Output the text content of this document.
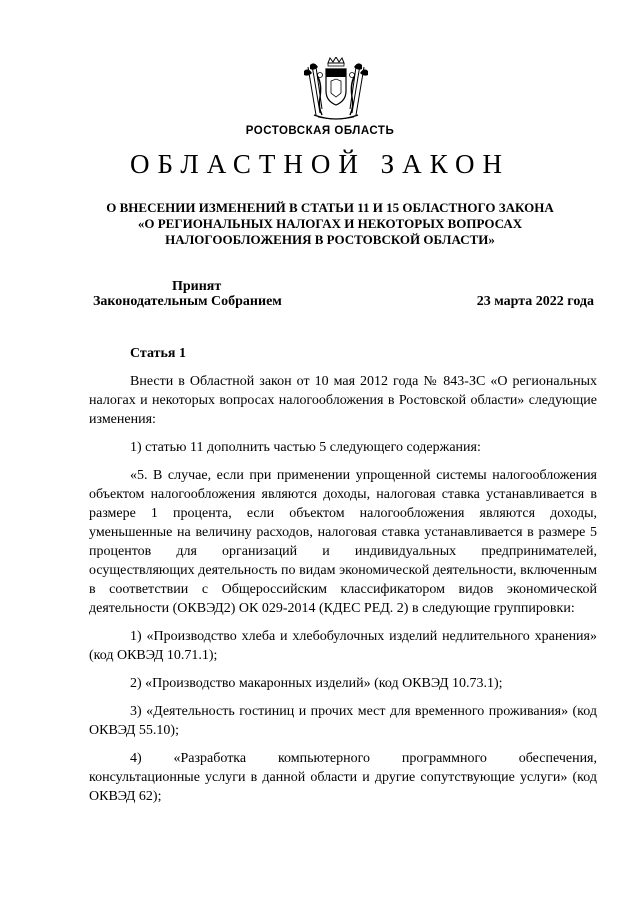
РОСТОВСКАЯ ОБЛАСТЬ
ОБЛАСТНОЙ ЗАКОН
О ВНЕСЕНИИ ИЗМЕНЕНИЙ В СТАТЬИ 11 И 15 ОБЛАСТНОГО ЗАКОНА
«О РЕГИОНАЛЬНЫХ НАЛОГАХ И НЕКОТОРЫХ ВОПРОСАХ
НАЛОГООБЛОЖЕНИЯ В РОСТОВСКОЙ ОБЛАСТИ»
Принят
Законодательным Собранием	23 марта 2022 года
Статья 1

Внести в Областной закон от 10 мая 2012 года № 843-ЗС «О региональных налогах и некоторых вопросах налогообложения в Ростовской области» следующие изменения:

1) статью 11 дополнить частью 5 следующего содержания:

«5. В случае, если при применении упрощенной системы налогообложения объектом налогообложения являются доходы, налоговая ставка устанавливается в размере 1 процента, если объектом налогообложения являются доходы, уменьшенные на величину расходов, налоговая ставка устанавливается в размере 5 процентов для организаций и индивидуальных предпринимателей, осуществляющих деятельность по видам экономической деятельности, включенным в соответствии с Общероссийским классификатором видов экономической деятельности (ОКВЭД2) ОК 029-2014 (КДЕС РЕД. 2) в следующие группировки:

1) «Производство хлеба и хлебобулочных изделий недлительного хранения» (код ОКВЭД 10.71.1);

2) «Производство макаронных изделий» (код ОКВЭД 10.73.1);

3) «Деятельность гостиниц и прочих мест для временного проживания» (код ОКВЭД 55.10);

4) «Разработка компьютерного программного обеспечения, консультационные услуги в данной области и другие сопутствующие услуги» (код ОКВЭД 62);
